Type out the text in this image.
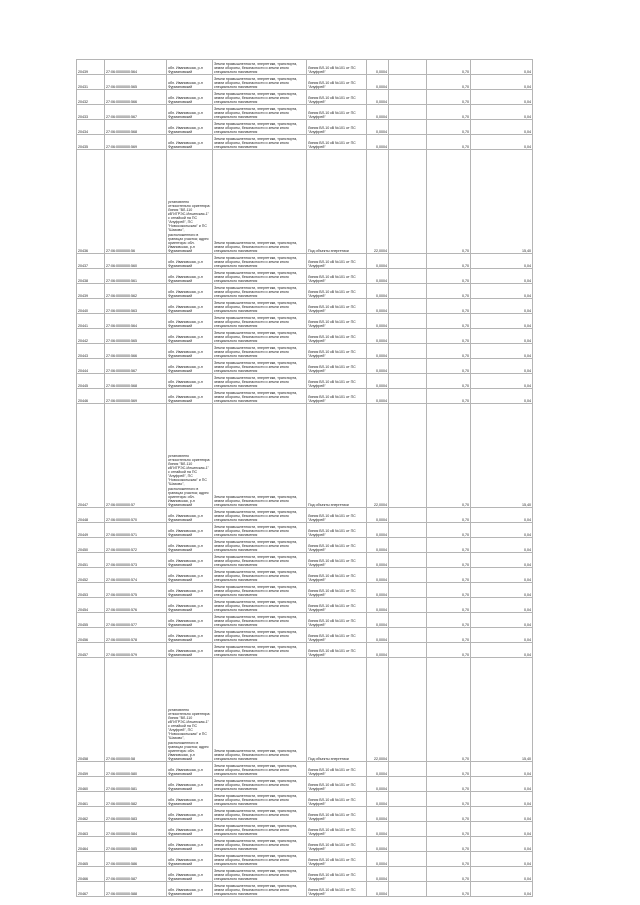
20439	27:06:0000000:564	обл. Ивановская, р-н Фурмановский	Земли промышленности, энергетики, транспорта, земли обороны, безопасности и земли иного специального назначения	Линия ВЛ-10 кВ №101 от ПС "Ануфрей"	0,0004		0,70	0,04
20431	27:06:0000000:565	обл. Ивановская, р-н Фурмановский	Земли промышленности, энергетики, транспорта, земли обороны, безопасности и земли иного специального назначения	Линия ВЛ-10 кВ №101 от ПС "Ануфрей"	0,0004		0,70	0,04
20432	27:06:0000000:566	обл. Ивановская, р-н Фурмановский	Земли промышленности, энергетики, транспорта, земли обороны, безопасности и земли иного специального назначения	Линия ВЛ-10 кВ №101 от ПС "Ануфрей"	0,0004		0,70	0,04
20433	27:06:0000000:567	обл. Ивановская, р-н Фурмановский	Земли промышленности, энергетики, транспорта, земли обороны, безопасности и земли иного специального назначения	Линия ВЛ-10 кВ №101 от ПС "Ануфрей"	0,0004		0,70	0,04
20434	27:06:0000000:568	обл. Ивановская, р-н Фурмановский	Земли промышленности, энергетики, транспорта, земли обороны, безопасности и земли иного специального назначения	Линия ВЛ-10 кВ №101 от ПС "Ануфрей"	0,0004		0,70	0,04
20435	27:06:0000000:569	обл. Ивановская, р-н Фурмановский	Земли промышленности, энергетики, транспорта, земли обороны, безопасности и земли иного специального назначения	Линия ВЛ-10 кВ №101 от ПС "Ануфрей"	0,0004		0,70	0,04
20436	27:06:0000000:56	установлено относительно ориентира: Линия "ВЛ-110 кВ"ИГРЭС-Ильинская-1" с отпайкой на ПС "Ануфрей", ПС "Новосокольская" и ПС "Шахово", расположенного в границах участка; адрес ориентира: обл. Ивановская, р-н Фурмановский	Земли промышленности, энергетики, транспорта, земли обороны, безопасности и земли иного специального назначения	Под объекты энергетики	22,0004		0,70	15,40
20437	27:06:0000000:560	обл. Ивановская, р-н Фурмановский	Земли промышленности, энергетики, транспорта, земли обороны, безопасности и земли иного специального назначения	Линия ВЛ-10 кВ №101 от ПС "Ануфрей"	0,0004		0,70	0,04
20438	27:06:0000000:561	обл. Ивановская, р-н Фурмановский	Земли промышленности, энергетики, транспорта, земли обороны, безопасности и земли иного специального назначения	Линия ВЛ-10 кВ №101 от ПС "Ануфрей"	0,0004		0,70	0,04
20439	27:06:0000000:562	обл. Ивановская, р-н Фурмановский	Земли промышленности, энергетики, транспорта, земли обороны, безопасности и земли иного специального назначения	Линия ВЛ-10 кВ №101 от ПС "Ануфрей"	0,0004		0,70	0,04
20440	27:06:0000000:563	обл. Ивановская, р-н Фурмановский	Земли промышленности, энергетики, транспорта, земли обороны, безопасности и земли иного специального назначения	Линия ВЛ-10 кВ №101 от ПС "Ануфрей"	0,0004		0,70	0,04
20441	27:06:0000000:564	обл. Ивановская, р-н Фурмановский	Земли промышленности, энергетики, транспорта, земли обороны, безопасности и земли иного специального назначения	Линия ВЛ-10 кВ №101 от ПС "Ануфрей"	0,0004		0,70	0,04
20442	27:06:0000000:565	обл. Ивановская, р-н Фурмановский	Земли промышленности, энергетики, транспорта, земли обороны, безопасности и земли иного специального назначения	Линия ВЛ-10 кВ №101 от ПС "Ануфрей"	0,0004		0,70	0,04
20443	27:06:0000000:566	обл. Ивановская, р-н Фурмановский	Земли промышленности, энергетики, транспорта, земли обороны, безопасности и земли иного специального назначения	Линия ВЛ-10 кВ №101 от ПС "Ануфрей"	0,0004		0,70	0,04
20444	27:06:0000000:567	обл. Ивановская, р-н Фурмановский	Земли промышленности, энергетики, транспорта, земли обороны, безопасности и земли иного специального назначения	Линия ВЛ-10 кВ №101 от ПС "Ануфрей"	0,0004		0,70	0,04
20445	27:06:0000000:568	обл. Ивановская, р-н Фурмановский	Земли промышленности, энергетики, транспорта, земли обороны, безопасности и земли иного специального назначения	Линия ВЛ-10 кВ №101 от ПС "Ануфрей"	0,0004		0,70	0,04
20446	27:06:0000000:569	обл. Ивановская, р-н Фурмановский	Земли промышленности, энергетики, транспорта, земли обороны, безопасности и земли иного специального назначения	Линия ВЛ-10 кВ №101 от ПС "Ануфрей"	0,0004		0,70	0,04
20447	27:06:0000000:57	установлено относительно ориентира: Линия "ВЛ-110 кВ"ИГРЭС-Ильинская-1" с отпайкой на ПС "Ануфрей", ПС "Новосокольская" и ПС "Шахово", расположенного в границах участка; адрес ориентира: обл. Ивановская, р-н Фурмановский	Земли промышленности, энергетики, транспорта, земли обороны, безопасности и земли иного специального назначения	Под объекты энергетики	22,0004		0,70	15,40
20448	27:06:0000000:570	обл. Ивановская, р-н Фурмановский	Земли промышленности, энергетики, транспорта, земли обороны, безопасности и земли иного специального назначения	Линия ВЛ-10 кВ №101 от ПС "Ануфрей"	0,0004		0,70	0,04
20449	27:06:0000000:571	обл. Ивановская, р-н Фурмановский	Земли промышленности, энергетики, транспорта, земли обороны, безопасности и земли иного специального назначения	Линия ВЛ-10 кВ №101 от ПС "Ануфрей"	0,0004		0,70	0,04
20450	27:06:0000000:572	обл. Ивановская, р-н Фурмановский	Земли промышленности, энергетики, транспорта, земли обороны, безопасности и земли иного специального назначения	Линия ВЛ-10 кВ №101 от ПС "Ануфрей"	0,0004		0,70	0,04
20451	27:06:0000000:573	обл. Ивановская, р-н Фурмановский	Земли промышленности, энергетики, транспорта, земли обороны, безопасности и земли иного специального назначения	Линия ВЛ-10 кВ №101 от ПС "Ануфрей"	0,0004		0,70	0,04
20452	27:06:0000000:574	обл. Ивановская, р-н Фурмановский	Земли промышленности, энергетики, транспорта, земли обороны, безопасности и земли иного специального назначения	Линия ВЛ-10 кВ №101 от ПС "Ануфрей"	0,0004		0,70	0,04
20453	27:06:0000000:575	обл. Ивановская, р-н Фурмановский	Земли промышленности, энергетики, транспорта, земли обороны, безопасности и земли иного специального назначения	Линия ВЛ-10 кВ №101 от ПС "Ануфрей"	0,0004		0,70	0,04
20454	27:06:0000000:576	обл. Ивановская, р-н Фурмановский	Земли промышленности, энергетики, транспорта, земли обороны, безопасности и земли иного специального назначения	Линия ВЛ-10 кВ №101 от ПС "Ануфрей"	0,0004		0,70	0,04
20455	27:06:0000000:577	обл. Ивановская, р-н Фурмановский	Земли промышленности, энергетики, транспорта, земли обороны, безопасности и земли иного специального назначения	Линия ВЛ-10 кВ №101 от ПС "Ануфрей"	0,0004		0,70	0,04
20456	27:06:0000000:578	обл. Ивановская, р-н Фурмановский	Земли промышленности, энергетики, транспорта, земли обороны, безопасности и земли иного специального назначения	Линия ВЛ-10 кВ №101 от ПС "Ануфрей"	0,0004		0,70	0,04
20457	27:06:0000000:579	обл. Ивановская, р-н Фурмановский	Земли промышленности, энергетики, транспорта, земли обороны, безопасности и земли иного специального назначения	Линия ВЛ-10 кВ №101 от ПС "Ануфрей"	0,0004		0,70	0,04
20458	27:06:0000000:58	установлено относительно ориентира: Линия "ВЛ-110 кВ"ИГРЭС-Ильинская-1" с отпайкой на ПС "Ануфрей", ПС "Новосокольская" и ПС "Шахово", расположенного в границах участка; адрес ориентира: обл. Ивановская, р-н Фурмановский	Земли промышленности, энергетики, транспорта, земли обороны, безопасности и земли иного специального назначения	Под объекты энергетики	22,0004		0,70	15,40
20459	27:06:0000000:580	обл. Ивановская, р-н Фурмановский	Земли промышленности, энергетики, транспорта, земли обороны, безопасности и земли иного специального назначения	Линия ВЛ-10 кВ №101 от ПС "Ануфрей"	0,0004		0,70	0,04
20460	27:06:0000000:581	обл. Ивановская, р-н Фурмановский	Земли промышленности, энергетики, транспорта, земли обороны, безопасности и земли иного специального назначения	Линия ВЛ-10 кВ №101 от ПС "Ануфрей"	0,0004		0,70	0,04
20461	27:06:0000000:582	обл. Ивановская, р-н Фурмановский	Земли промышленности, энергетики, транспорта, земли обороны, безопасности и земли иного специального назначения	Линия ВЛ-10 кВ №101 от ПС "Ануфрей"	0,0004		0,70	0,04
20462	27:06:0000000:583	обл. Ивановская, р-н Фурмановский	Земли промышленности, энергетики, транспорта, земли обороны, безопасности и земли иного специального назначения	Линия ВЛ-10 кВ №101 от ПС "Ануфрей"	0,0004		0,70	0,04
20463	27:06:0000000:584	обл. Ивановская, р-н Фурмановский	Земли промышленности, энергетики, транспорта, земли обороны, безопасности и земли иного специального назначения	Линия ВЛ-10 кВ №101 от ПС "Ануфрей"	0,0004		0,70	0,04
20464	27:06:0000000:585	обл. Ивановская, р-н Фурмановский	Земли промышленности, энергетики, транспорта, земли обороны, безопасности и земли иного специального назначения	Линия ВЛ-10 кВ №101 от ПС "Ануфрей"	0,0004		0,70	0,04
20465	27:06:0000000:586	обл. Ивановская, р-н Фурмановский	Земли промышленности, энергетики, транспорта, земли обороны, безопасности и земли иного специального назначения	Линия ВЛ-10 кВ №101 от ПС "Ануфрей"	0,0004		0,70	0,04
20466	27:06:0000000:587	обл. Ивановская, р-н Фурмановский	Земли промышленности, энергетики, транспорта, земли обороны, безопасности и земли иного специального назначения	Линия ВЛ-10 кВ №101 от ПС "Ануфрей"	0,0004		0,70	0,04
20467	27:06:0000000:588	обл. Ивановская, р-н Фурмановский	Земли промышленности, энергетики, транспорта, земли обороны, безопасности и земли иного специального назначения	Линия ВЛ-10 кВ №101 от ПС "Ануфрей"	0,0004		0,70	0,04
